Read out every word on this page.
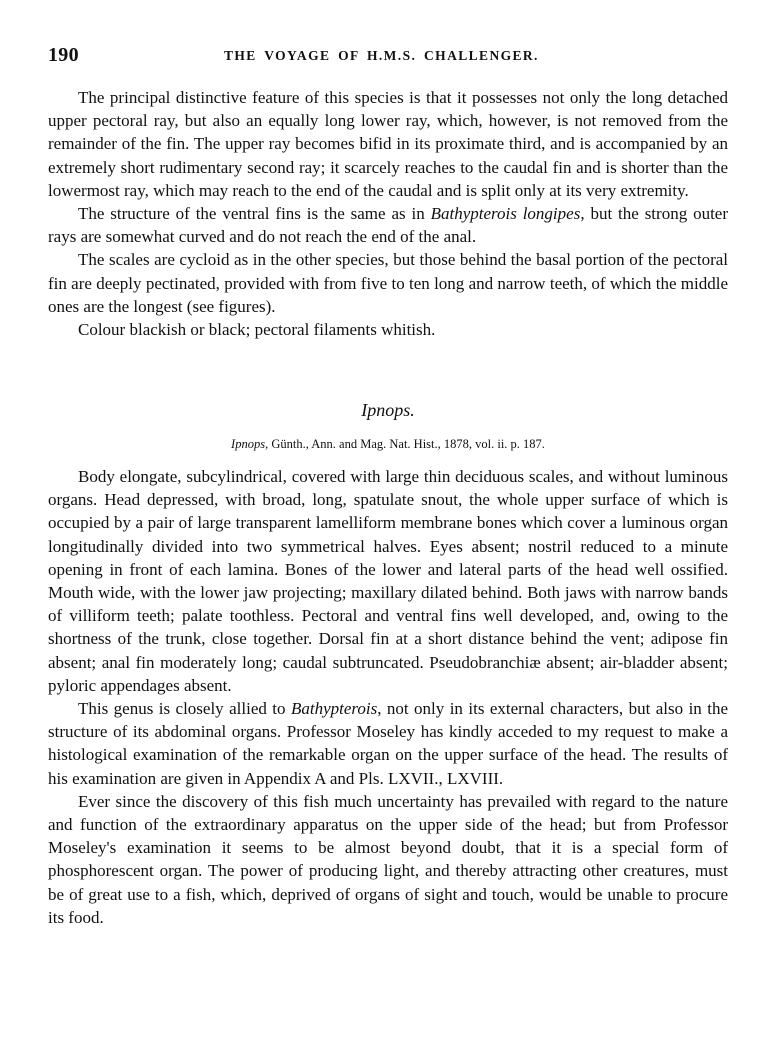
190	THE VOYAGE OF H.M.S. CHALLENGER.

The principal distinctive feature of this species is that it possesses not only the long detached upper pectoral ray, but also an equally long lower ray, which, however, is not removed from the remainder of the fin. The upper ray becomes bifid in its proximate third, and is accompanied by an extremely short rudimentary second ray; it scarcely reaches to the caudal fin and is shorter than the lowermost ray, which may reach to the end of the caudal and is split only at its very extremity.

The structure of the ventral fins is the same as in Bathypterois longipes, but the strong outer rays are somewhat curved and do not reach the end of the anal.

The scales are cycloid as in the other species, but those behind the basal portion of the pectoral fin are deeply pectinated, provided with from five to ten long and narrow teeth, of which the middle ones are the longest (see figures).

Colour blackish or black; pectoral filaments whitish.

Ipnops.
Ipnops, Günth., Ann. and Mag. Nat. Hist., 1878, vol. ii. p. 187.

Body elongate, subcylindrical, covered with large thin deciduous scales, and without luminous organs. Head depressed, with broad, long, spatulate snout, the whole upper surface of which is occupied by a pair of large transparent lamelliform membrane bones which cover a luminous organ longitudinally divided into two symmetrical halves. Eyes absent; nostril reduced to a minute opening in front of each lamina. Bones of the lower and lateral parts of the head well ossified. Mouth wide, with the lower jaw projecting; maxillary dilated behind. Both jaws with narrow bands of villiform teeth; palate toothless. Pectoral and ventral fins well developed, and, owing to the shortness of the trunk, close together. Dorsal fin at a short distance behind the vent; adipose fin absent; anal fin moderately long; caudal subtruncated. Pseudobranchiæ absent; air-bladder absent; pyloric appendages absent.

This genus is closely allied to Bathypterois, not only in its external characters, but also in the structure of its abdominal organs. Professor Moseley has kindly acceded to my request to make a histological examination of the remarkable organ on the upper surface of the head. The results of his examination are given in Appendix A and Pls. LXVII., LXVIII.

Ever since the discovery of this fish much uncertainty has prevailed with regard to the nature and function of the extraordinary apparatus on the upper side of the head; but from Professor Moseley's examination it seems to be almost beyond doubt, that it is a special form of phosphorescent organ. The power of producing light, and thereby attracting other creatures, must be of great use to a fish, which, deprived of organs of sight and touch, would be unable to procure its food.
